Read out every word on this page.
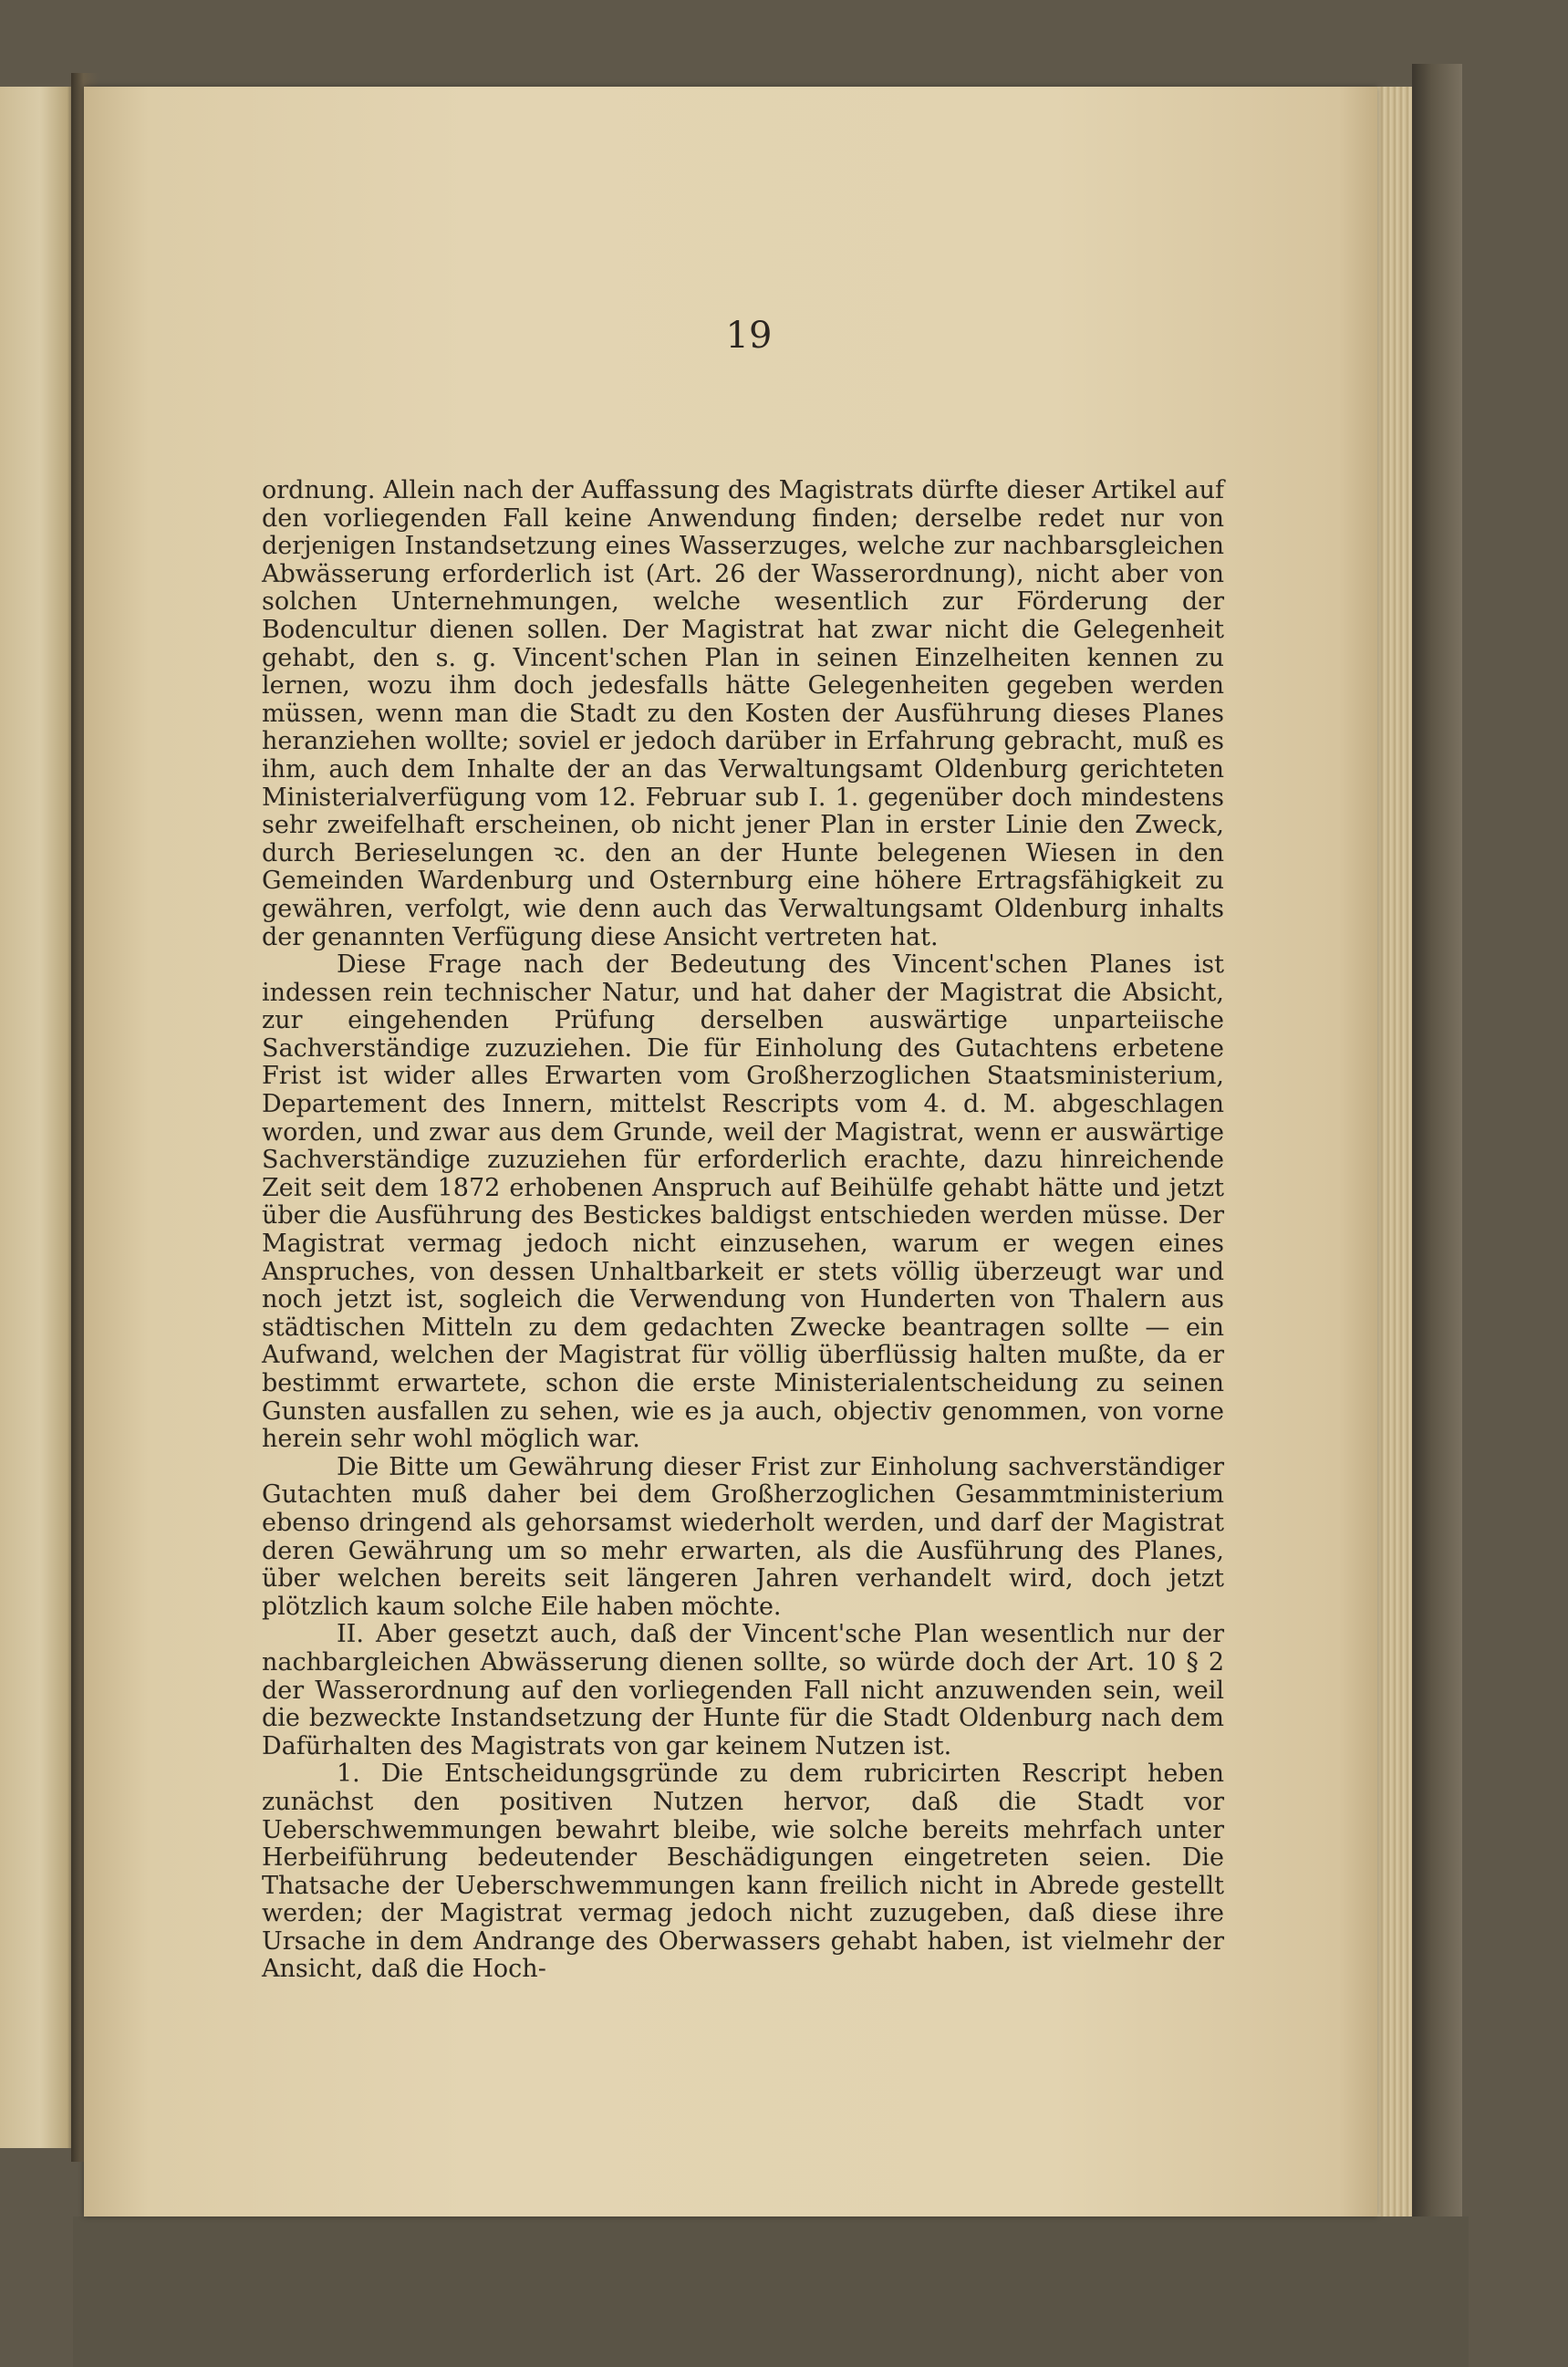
19

ordnung. Allein nach der Auffassung des Magistrats dürfte dieser Artikel auf den vorliegenden Fall keine Anwendung finden; derselbe redet nur von derjenigen Instandsetzung eines Wasserzuges, welche zur nachbarsgleichen Abwässerung erforderlich ist (Art. 26 der Wasserordnung), nicht aber von solchen Unternehmungen, welche wesentlich zur Förderung der Bodencultur dienen sollen. Der Magistrat hat zwar nicht die Gelegenheit gehabt, den s. g. Vincent'schen Plan in seinen Einzelheiten kennen zu lernen, wozu ihm doch jedesfalls hätte Gelegenheiten gegeben werden müssen, wenn man die Stadt zu den Kosten der Ausführung dieses Planes heranziehen wollte; soviel er jedoch darüber in Erfahrung gebracht, muß es ihm, auch dem Inhalte der an das Verwaltungsamt Oldenburg gerichteten Ministerialverfügung vom 12. Februar sub I. 1. gegenüber doch mindestens sehr zweifelhaft erscheinen, ob nicht jener Plan in erster Linie den Zweck, durch Berieselungen ꝛc. den an der Hunte belegenen Wiesen in den Gemeinden Wardenburg und Osternburg eine höhere Ertragsfähigkeit zu gewähren, verfolgt, wie denn auch das Verwaltungsamt Oldenburg inhalts der genannten Verfügung diese Ansicht vertreten hat.

Diese Frage nach der Bedeutung des Vincent'schen Planes ist indessen rein technischer Natur, und hat daher der Magistrat die Absicht, zur eingehenden Prüfung derselben auswärtige unparteiische Sachverständige zuzuziehen. Die für Einholung des Gutachtens erbetene Frist ist wider alles Erwarten vom Großherzoglichen Staatsministerium, Departement des Innern, mittelst Rescripts vom 4. d. M. abgeschlagen worden, und zwar aus dem Grunde, weil der Magistrat, wenn er auswärtige Sachverständige zuzuziehen für erforderlich erachte, dazu hinreichende Zeit seit dem 1872 erhobenen Anspruch auf Beihülfe gehabt hätte und jetzt über die Ausführung des Bestickes baldigst entschieden werden müsse. Der Magistrat vermag jedoch nicht einzusehen, warum er wegen eines Anspruches, von dessen Unhaltbarkeit er stets völlig überzeugt war und noch jetzt ist, sogleich die Verwendung von Hunderten von Thalern aus städtischen Mitteln zu dem gedachten Zwecke beantragen sollte — ein Aufwand, welchen der Magistrat für völlig überflüssig halten mußte, da er bestimmt erwartete, schon die erste Ministerialentscheidung zu seinen Gunsten ausfallen zu sehen, wie es ja auch, objectiv genommen, von vorne herein sehr wohl möglich war.

Die Bitte um Gewährung dieser Frist zur Einholung sachverständiger Gutachten muß daher bei dem Großherzoglichen Gesammtministerium ebenso dringend als gehorsamst wiederholt werden, und darf der Magistrat deren Gewährung um so mehr erwarten, als die Ausführung des Planes, über welchen bereits seit längeren Jahren verhandelt wird, doch jetzt plötzlich kaum solche Eile haben möchte.

II. Aber gesetzt auch, daß der Vincent'sche Plan wesentlich nur der nachbargleichen Abwässerung dienen sollte, so würde doch der Art. 10 § 2 der Wasserordnung auf den vorliegenden Fall nicht anzuwenden sein, weil die bezweckte Instandsetzung der Hunte für die Stadt Oldenburg nach dem Dafürhalten des Magistrats von gar keinem Nutzen ist.

1. Die Entscheidungsgründe zu dem rubricirten Rescript heben zunächst den positiven Nutzen hervor, daß die Stadt vor Ueberschwemmungen bewahrt bleibe, wie solche bereits mehrfach unter Herbeiführung bedeutender Beschädigungen eingetreten seien. Die Thatsache der Ueberschwemmungen kann freilich nicht in Abrede gestellt werden; der Magistrat vermag jedoch nicht zuzugeben, daß diese ihre Ursache in dem Andrange des Oberwassers gehabt haben, ist vielmehr der Ansicht, daß die Hoch-
